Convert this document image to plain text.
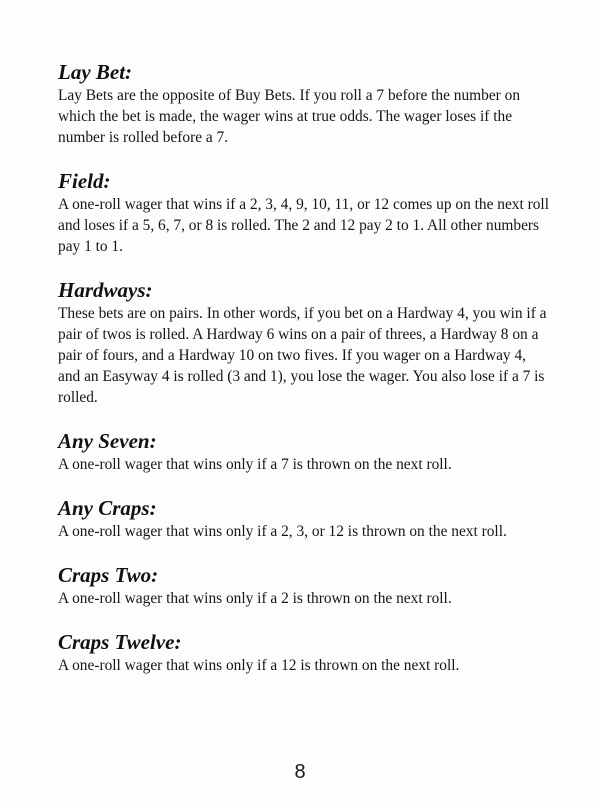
Lay Bet:

Lay Bets are the opposite of Buy Bets. If you roll a 7 before the number on which the bet is made, the wager wins at true odds. The wager loses if the number is rolled before a 7.

Field:

A one-roll wager that wins if a 2, 3, 4, 9, 10, 11, or 12 comes up on the next roll and loses if a 5, 6, 7, or 8 is rolled. The 2 and 12 pay 2 to 1. All other numbers pay 1 to 1.

Hardways:

These bets are on pairs. In other words, if you bet on a Hardway 4, you win if a pair of twos is rolled. A Hardway 6 wins on a pair of threes, a Hardway 8 on a pair of fours, and a Hardway 10 on two fives. If you wager on a Hardway 4, and an Easyway 4 is rolled (3 and 1), you lose the wager. You also lose if a 7 is rolled.

Any Seven:

A one-roll wager that wins only if a 7 is thrown on the next roll.

Any Craps:

A one-roll wager that wins only if a 2, 3, or 12 is thrown on the next roll.

Craps Two:

A one-roll wager that wins only if a 2 is thrown on the next roll.

Craps Twelve:

A one-roll wager that wins only if a 12 is thrown on the next roll.

8
